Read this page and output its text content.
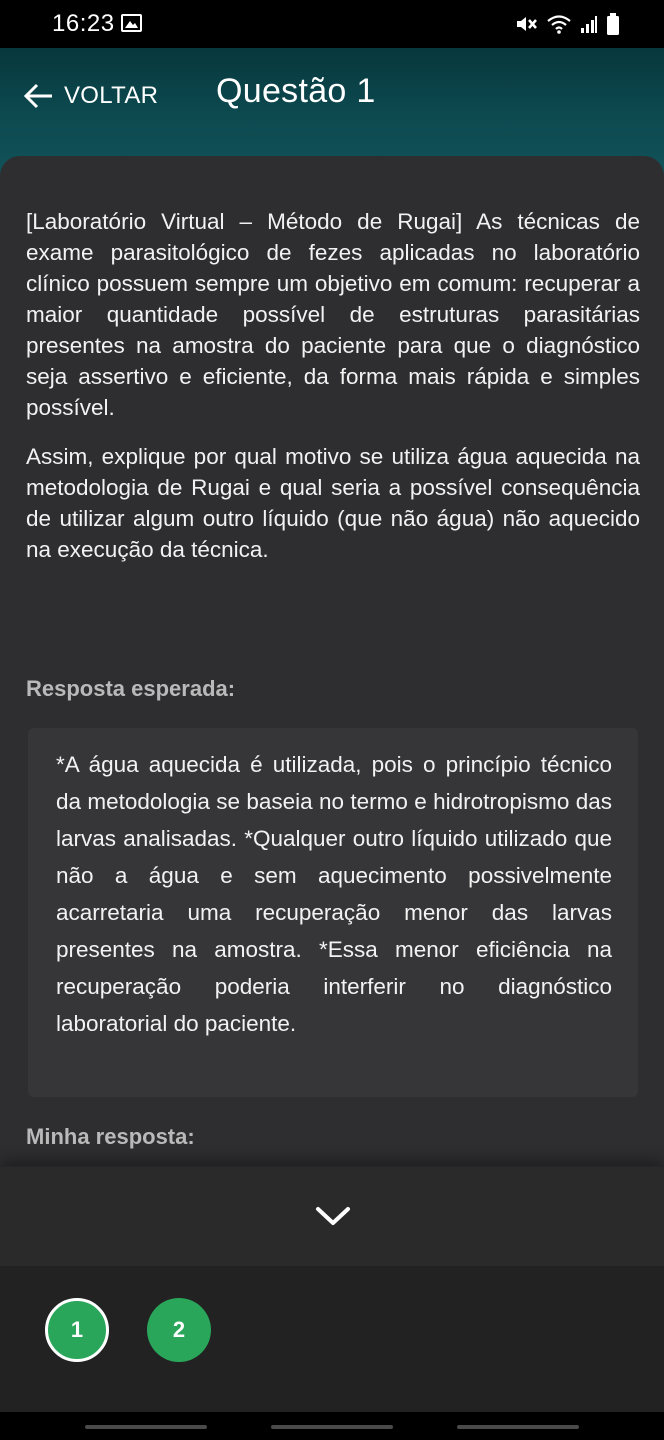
16:23
VOLTAR Questão 1

[Laboratório Virtual – Método de Rugai] As técnicas de exame parasitológico de fezes aplicadas no laboratório clínico possuem sempre um objetivo em comum: recuperar a maior quantidade possível de estruturas parasitárias presentes na amostra do paciente para que o diagnóstico seja assertivo e eficiente, da forma mais rápida e simples possível.

Assim, explique por qual motivo se utiliza água aquecida na metodologia de Rugai e qual seria a possível consequência de utilizar algum outro líquido (que não água) não aquecido na execução da técnica.

Resposta esperada:

*A água aquecida é utilizada, pois o princípio técnico da metodologia se baseia no termo e hidrotropismo das larvas analisadas. *Qualquer outro líquido utilizado que não a água e sem aquecimento possivelmente acarretaria uma recuperação menor das larvas presentes na amostra. *Essa menor eficiência na recuperação poderia interferir no diagnóstico laboratorial do paciente.

Minha resposta:
1	2
